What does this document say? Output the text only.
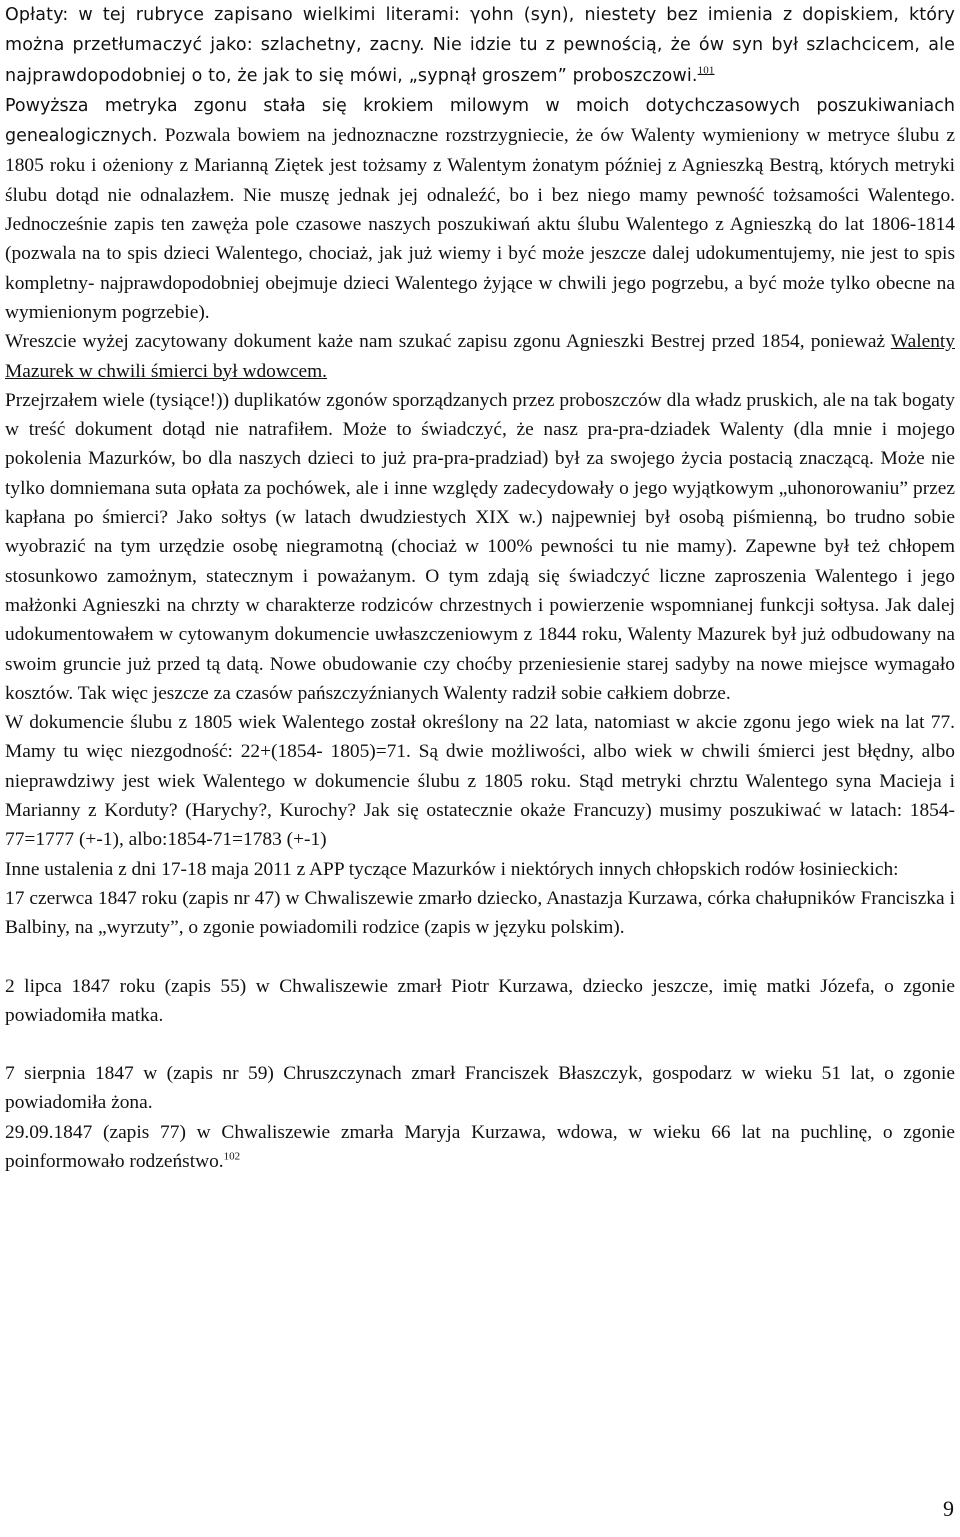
Opłaty: w tej rubryce zapisano wielkimi literami: γohn (syn), niestety bez imienia z dopiskiem, który można przetłumaczyć jako: szlachetny, zacny. Nie idzie tu z pewnością, że ów syn był szlachcicem, ale najprawdopodobniej o to, że jak to się mówi, „sypnął groszem” proboszczowi.$^{101}$

Powyższa metryka zgonu stała się krokiem milowym w moich dotychczasowych poszukiwaniach genealogicznych. Pozwala bowiem na jednoznaczne rozstrzygniecie, że ów Walenty wymieniony w metryce ślubu z 1805 roku i ożeniony z Marianną Ziętek jest tożsamy z Walentym żonatym później z Agnieszką Bestrą, których metryki ślubu dotąd nie odnalazłem. Nie muszę jednak jej odnaleźć, bo i bez niego mamy pewność tożsamości Walentego. Jednocześnie zapis ten zawęża pole czasowe naszych poszukiwań aktu ślubu Walentego z Agnieszką do lat 1806-1814 (pozwala na to spis dzieci Walentego, chociaż, jak już wiemy i być może jeszcze dalej udokumentujemy, nie jest to spis kompletny- najprawdopodobniej obejmuje dzieci Walentego żyjące w chwili jego pogrzebu, a być może tylko obecne na wymienionym pogrzebie).

Wreszcie wyżej zacytowany dokument każe nam szukać zapisu zgonu Agnieszki Bestrej przed 1854, ponieważ Walenty Mazurek w chwili śmierci był wdowcem.

Przejrzałem wiele (tysiące!)) duplikatów zgonów sporządzanych przez proboszczów dla władz pruskich, ale na tak bogaty w treść dokument dotąd nie natrafiłem. Może to świadczyć, że nasz pra-pra-dziadek Walenty (dla mnie i mojego pokolenia Mazurków, bo dla naszych dzieci to już pra-pra-pradziad) był za swojego życia postacią znaczącą. Może nie tylko domniemana suta opłata za pochówek, ale i inne względy zadecydowały o jego wyjątkowym „uhonorowaniu” przez kapłana po śmierci? Jako sołtys (w latach dwudziestych XIX w.) najpewniej był osobą piśmienną, bo trudno sobie wyobrazić na tym urzędzie osobę niegramotną (chociaż w 100% pewności tu nie mamy). Zapewne był też chłopem stosunkowo zamożnym, statecznym i poważanym. O tym zdają się świadczyć liczne zaproszenia Walentego i jego małżonki Agnieszki na chrzty w charakterze rodziców chrzestnych i powierzenie wspomnianej funkcji sołtysa. Jak dalej udokumentowałem w cytowanym dokumencie uwłaszczeniowym z 1844 roku, Walenty Mazurek był już odbudowany na swoim gruncie już przed tą datą. Nowe obudowanie czy choćby przeniesienie starej sadyby na nowe miejsce wymagało kosztów. Tak więc jeszcze za czasów pańszczyźnianych Walenty radził sobie całkiem dobrze.

W dokumencie ślubu z 1805 wiek Walentego został określony na 22 lata, natomiast w akcie zgonu jego wiek na lat 77. Mamy tu więc niezgodność: 22+(1854- 1805)=71. Są dwie możliwości, albo wiek w chwili śmierci jest błędny, albo nieprawdziwy jest wiek Walentego w dokumencie ślubu z 1805 roku. Stąd metryki chrztu Walentego syna Macieja i Marianny z Korduty? (Harychy?, Kurochy? Jak się ostatecznie okaże Francuzy) musimy poszukiwać w latach: 1854-77=1777 (+-1), albo:1854-71=1783 (+-1)

Inne ustalenia z dni 17-18 maja 2011 z APP tyczące Mazurków i niektórych innych chłopskich rodów łosinieckich:

17 czerwca 1847 roku (zapis nr 47) w Chwaliszewie zmarło dziecko, Anastazja Kurzawa, córka chałupników Franciszka i Balbiny, na „wyrzuty”, o zgonie powiadomili rodzice (zapis w języku polskim).

2 lipca 1847 roku (zapis 55) w Chwaliszewie zmarł Piotr Kurzawa, dziecko jeszcze, imię matki Józefa, o zgonie powiadomiła matka.

7 sierpnia 1847 w (zapis nr 59) Chruszczynach zmarł Franciszek Błaszczyk, gospodarz w wieku 51 lat, o zgonie powiadomiła żona.

29.09.1847 (zapis 77) w Chwaliszewie zmarła Maryja Kurzawa, wdowa, w wieku 66 lat na puchlinę, o zgonie poinformowało rodzeństwo.$^{102}$

9
